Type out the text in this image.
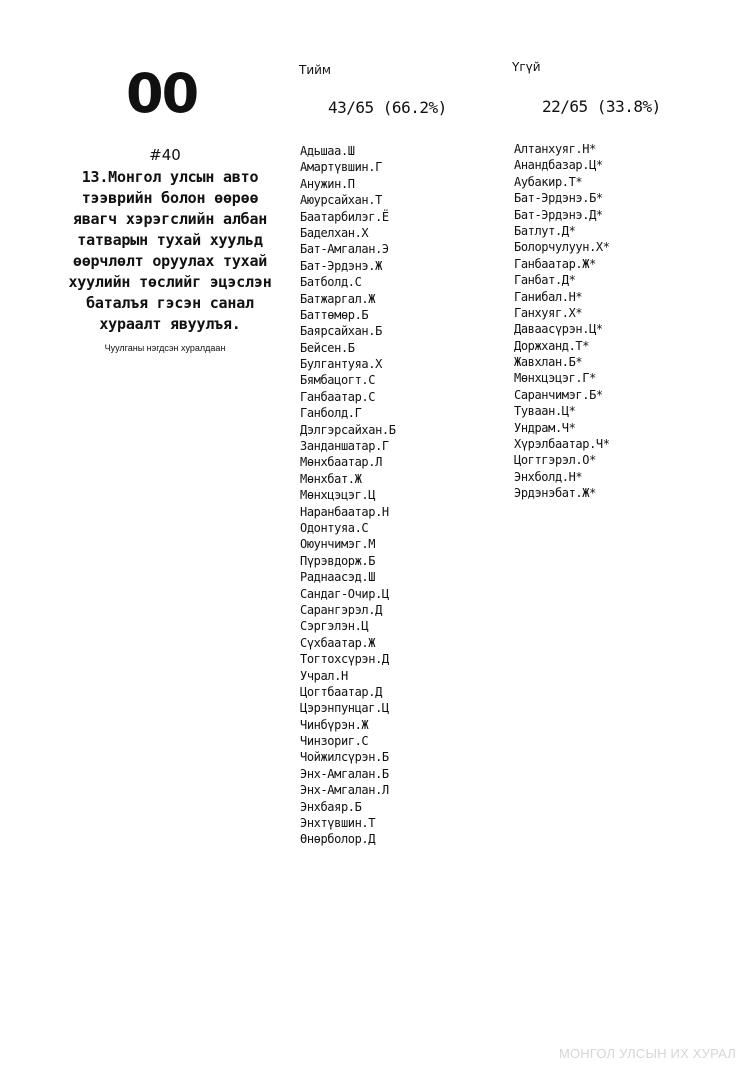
00
#40
13.Монгол улсын авто
тээврийн болон өөрөө
явагч хэрэгслийн албан
татварын тухай хуульд
өөрчлөлт оруулах тухай
хуулийн төслийг эцэслэн
баталъя гэсэн санал
хураалт явуулъя.
Чуулганы нэгдсэн хуралдаан
Тийм	Үгүй
43/65 (66.2%)	22/65 (33.8%)
Адьшаа.Ш
Амартүвшин.Г
Анужин.П
Аюурсайхан.Т
Баатарбилэг.Ё
Баделхан.Х
Бат-Амгалан.Э
Бат-Эрдэнэ.Ж
Батболд.С
Батжаргал.Ж
Баттөмөр.Б
Баярсайхан.Б
Бейсен.Б
Булгантуяа.Х
Бямбацогт.С
Ганбаатар.С
Ганболд.Г
Дэлгэрсайхан.Б
Занданшатар.Г
Мөнхбаатар.Л
Мөнхбат.Ж
Мөнхцэцэг.Ц
Наранбаатар.Н
Одонтуяа.С
Оюунчимэг.М
Пүрэвдорж.Б
Раднаасэд.Ш
Сандаг-Очир.Ц
Сарангэрэл.Д
Сэргэлэн.Ц
Сүхбаатар.Ж
Тогтохсүрэн.Д
Учрал.Н
Цогтбаатар.Д
Цэрэнпунцаг.Ц
Чинбүрэн.Ж
Чинзориг.С
Чойжилсүрэн.Б
Энх-Амгалан.Б
Энх-Амгалан.Л
Энхбаяр.Б
Энхтүвшин.Т
Өнөрболор.Д
Алтанхуяг.Н*
Анандбазар.Ц*
Аубакир.Т*
Бат-Эрдэнэ.Б*
Бат-Эрдэнэ.Д*
Батлут.Д*
Болорчулуун.Х*
Ганбаатар.Ж*
Ганбат.Д*
Ганибал.Н*
Ганхуяг.Х*
Даваасүрэн.Ц*
Доржханд.Т*
Жавхлан.Б*
Мөнхцэцэг.Г*
Саранчимэг.Б*
Туваан.Ц*
Ундрам.Ч*
Хүрэлбаатар.Ч*
Цогтгэрэл.О*
Энхболд.Н*
Эрдэнэбат.Ж*
МОНГОЛ УЛСЫН ИХ ХУРАЛ
